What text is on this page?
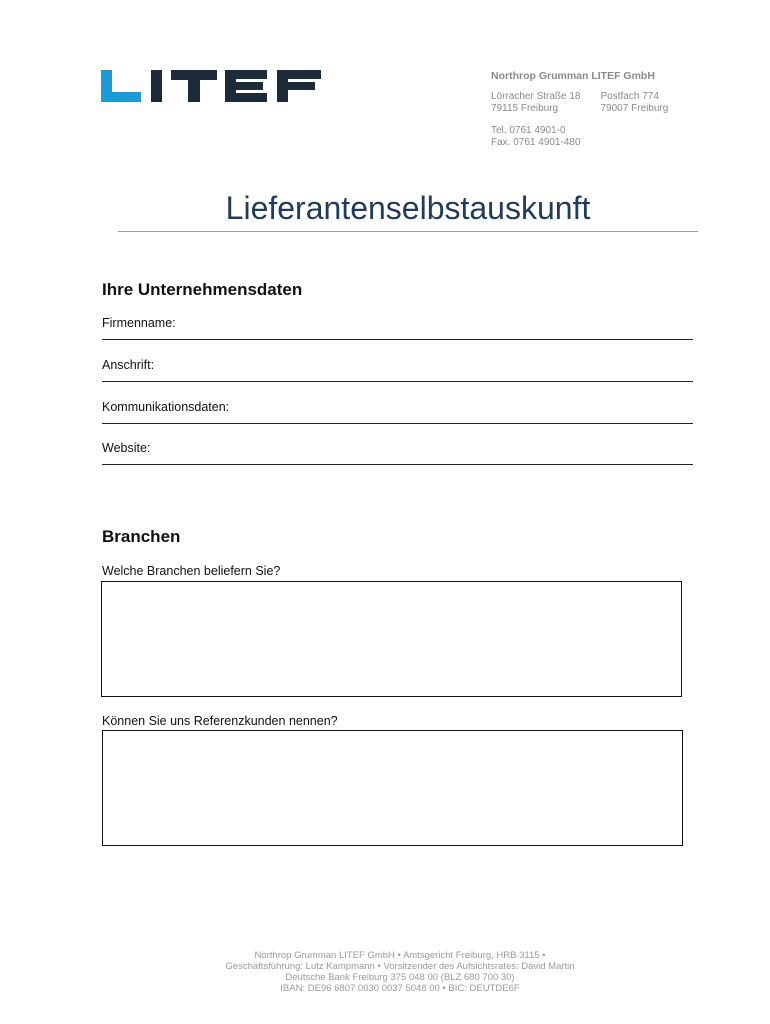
Northrop Grumman LITEF GmbH
Lörracher Straße 18
79115 Freiburg
Postfach 774
79007 Freiburg
Tel. 0761 4901-0
Fax. 0761 4901-480
Lieferantenselbstauskunft
Ihre Unternehmensdaten
Firmenname:
Anschrift:
Kommunikationsdaten:
Website:
Branchen
Welche Branchen beliefern Sie?
Können Sie uns Referenzkunden nennen?
Northrop Grumman LITEF GmbH • Amtsgericht Freiburg, HRB 3115 •
Geschäftsführung: Lutz Kampmann • Vorsitzender des Aufsichtsrates: David Martin
Deutsche Bank Freiburg 375 048 00 (BLZ 680 700 30)
IBAN: DE96 6807 0030 0037 5048 00 • BIC: DEUTDE6F
